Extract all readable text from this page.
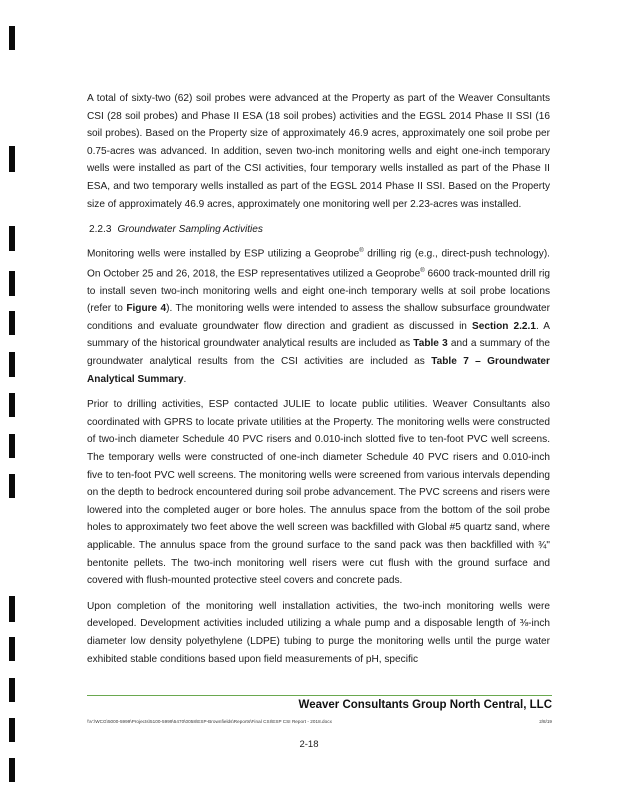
A total of sixty-two (62) soil probes were advanced at the Property as part of the Weaver Consultants CSI (28 soil probes) and Phase II ESA (18 soil probes) activities and the EGSL 2014 Phase II SSI (16 soil probes). Based on the Property size of approximately 46.9 acres, approximately one soil probe per 0.75-acres was advanced. In addition, seven two-inch monitoring wells and eight one-inch temporary wells were installed as part of the CSI activities, four temporary wells installed as part of the Phase II ESA, and two temporary wells installed as part of the EGSL 2014 Phase II SSI. Based on the Property size of approximately 46.9 acres, approximately one monitoring well per 2.23-acres was installed.

2.2.3 Groundwater Sampling Activities

Monitoring wells were installed by ESP utilizing a Geoprobe® drilling rig (e.g., direct-push technology). On October 25 and 26, 2018, the ESP representatives utilized a Geoprobe® 6600 track-mounted drill rig to install seven two-inch monitoring wells and eight one-inch temporary wells at soil probe locations (refer to Figure 4). The monitoring wells were intended to assess the shallow subsurface groundwater conditions and evaluate groundwater flow direction and gradient as discussed in Section 2.2.1. A summary of the historical groundwater analytical results are included as Table 3 and a summary of the groundwater analytical results from the CSI activities are included as Table 7 – Groundwater Analytical Summary.

Prior to drilling activities, ESP contacted JULIE to locate public utilities. Weaver Consultants also coordinated with GPRS to locate private utilities at the Property. The monitoring wells were constructed of two-inch diameter Schedule 40 PVC risers and 0.010-inch slotted five to ten-foot PVC well screens. The temporary wells were constructed of one-inch diameter Schedule 40 PVC risers and 0.010-inch five to ten-foot PVC well screens. The monitoring wells were screened from various intervals depending on the depth to bedrock encountered during soil probe advancement. The PVC screens and risers were lowered into the completed auger or bore holes. The annulus space from the bottom of the soil probe holes to approximately two feet above the well screen was backfilled with Global #5 quartz sand, where applicable. The annulus space from the ground surface to the sand pack was then backfilled with ¾" bentonite pellets. The two-inch monitoring well risers were cut flush with the ground surface and covered with flush-mounted protective steel covers and concrete pads.

Upon completion of the monitoring well installation activities, the two-inch monitoring wells were developed. Development activities included utilizing a whale pump and a disposable length of ⅜-inch diameter low density polyethylene (LDPE) tubing to purge the monitoring wells until the purge water exhibited stable conditions based upon field measurements of pH, specific

Weaver Consultants Group North Central, LLC
\\V:\WCG\5000-5999\Projects\5100-5999\5470\0058\ESP-Brownfields\Reports\Final CSI\ESP CSI Report - 2018.docx	2/8/19
2-18
